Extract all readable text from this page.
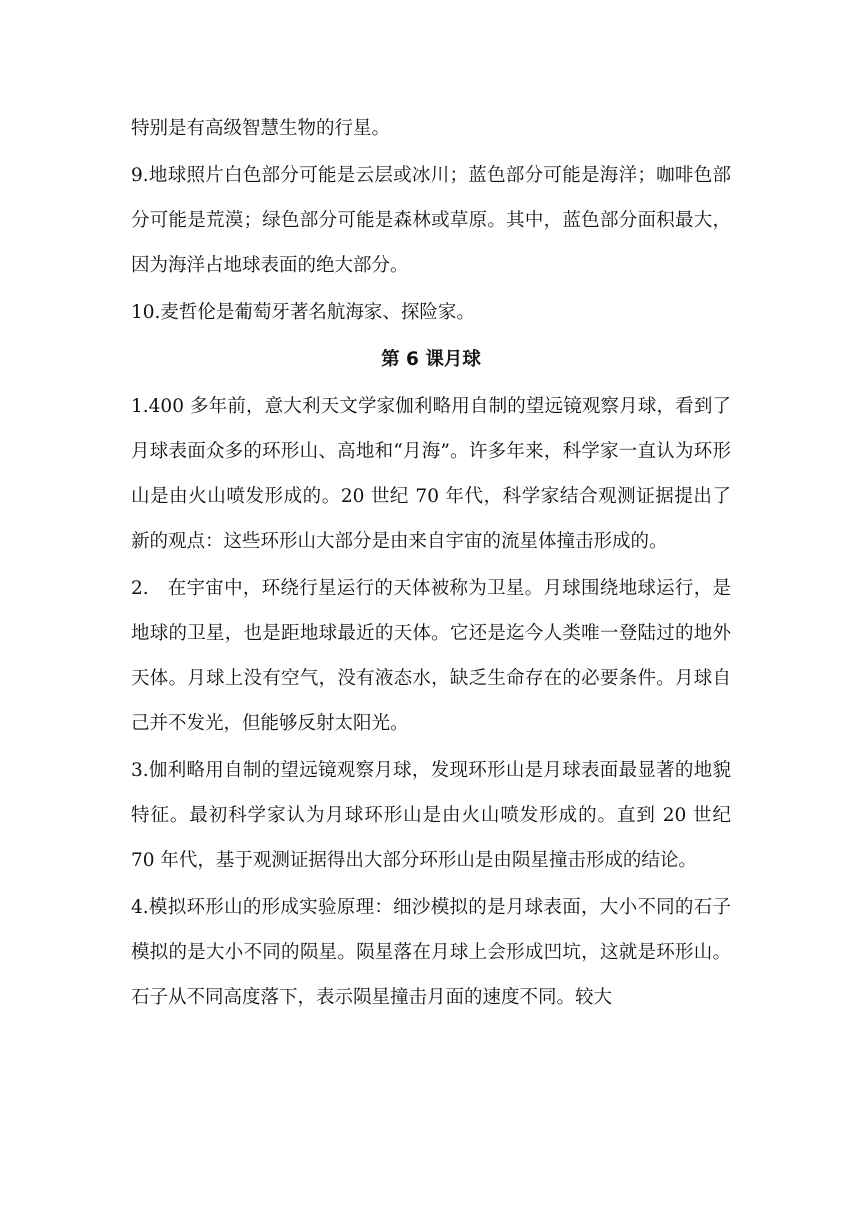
特别是有高级智慧生物的行星。

9.地球照片白色部分可能是云层或冰川；蓝色部分可能是海洋；咖啡色部分可能是荒漠；绿色部分可能是森林或草原。其中，蓝色部分面积最大，因为海洋占地球表面的绝大部分。

10.麦哲伦是葡萄牙著名航海家、探险家。

第 6 课月球

1.400 多年前，意大利天文学家伽利略用自制的望远镜观察月球，看到了月球表面众多的环形山、高地和“月海”。许多年来，科学家一直认为环形山是由火山喷发形成的。20 世纪 70 年代，科学家结合观测证据提出了新的观点：这些环形山大部分是由来自宇宙的流星体撞击形成的。

2.　在宇宙中，环绕行星运行的天体被称为卫星。月球围绕地球运行，是地球的卫星，也是距地球最近的天体。它还是迄今人类唯一登陆过的地外天体。月球上没有空气，没有液态水，缺乏生命存在的必要条件。月球自己并不发光，但能够反射太阳光。

3.伽利略用自制的望远镜观察月球，发现环形山是月球表面最显著的地貌特征。最初科学家认为月球环形山是由火山喷发形成的。直到 20 世纪 70 年代，基于观测证据得出大部分环形山是由陨星撞击形成的结论。

4.模拟环形山的形成实验原理：细沙模拟的是月球表面，大小不同的石子模拟的是大小不同的陨星。陨星落在月球上会形成凹坑，这就是环形山。石子从不同高度落下，表示陨星撞击月面的速度不同。较大
